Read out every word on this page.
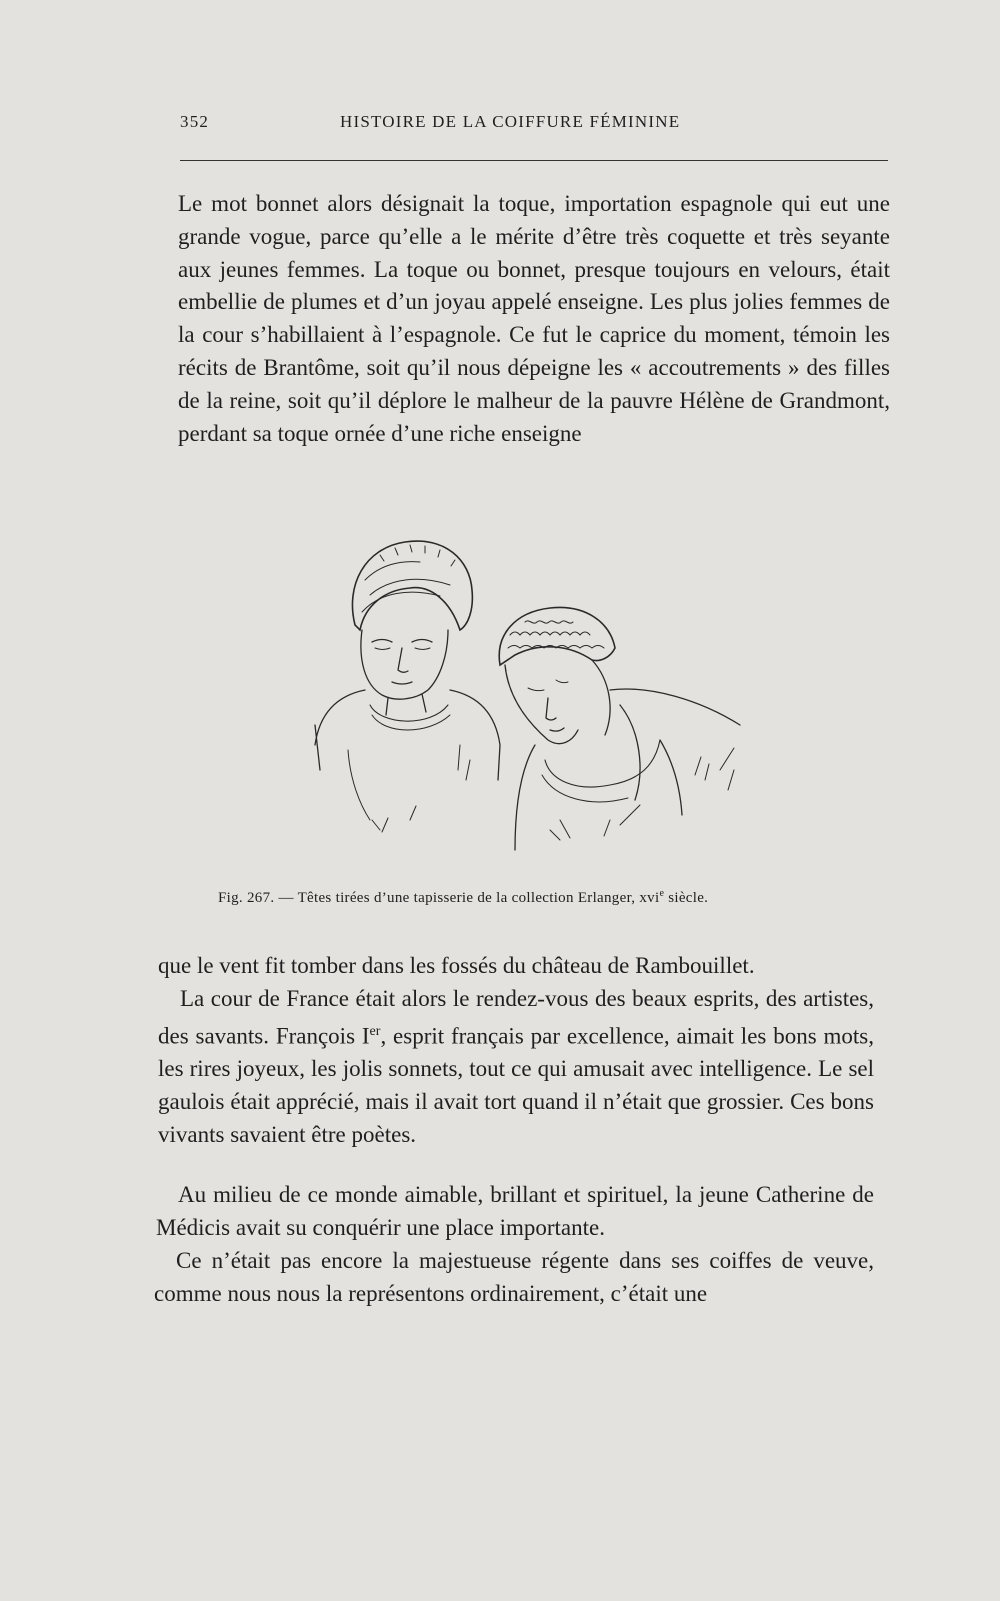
352	HISTOIRE DE LA COIFFURE FÉMININE

Le mot bonnet alors désignait la toque, importation espagnole qui eut une grande vogue, parce qu’elle a le mérite d’être très coquette et très seyante aux jeunes femmes. La toque ou bonnet, presque toujours en velours, était embellie de plumes et d’un joyau appelé enseigne. Les plus jolies femmes de la cour s’habillaient à l’espagnole. Ce fut le caprice du moment, témoin les récits de Brantôme, soit qu’il nous dépeigne les « accoutrements » des filles de la reine, soit qu’il déplore le malheur de la pauvre Hélène de Grandmont, perdant sa toque ornée d’une riche enseigne

Fig. 267. — Têtes tirées d’une tapisserie de la collection Erlanger, xvi$^e$ siècle.

que le vent fit tomber dans les fossés du château de Rambouillet.

La cour de France était alors le rendez-vous des beaux esprits, des artistes, des savants. François Ier, esprit français par excellence, aimait les bons mots, les rires joyeux, les jolis sonnets, tout ce qui amusait avec intelligence. Le sel gaulois était apprécié, mais il avait tort quand il n’était que grossier. Ces bons vivants savaient être poètes.

Au milieu de ce monde aimable, brillant et spirituel, la jeune Catherine de Médicis avait su conquérir une place importante.

Ce n’était pas encore la majestueuse régente dans ses coiffes de veuve, comme nous nous la représentons ordinairement, c’était une
